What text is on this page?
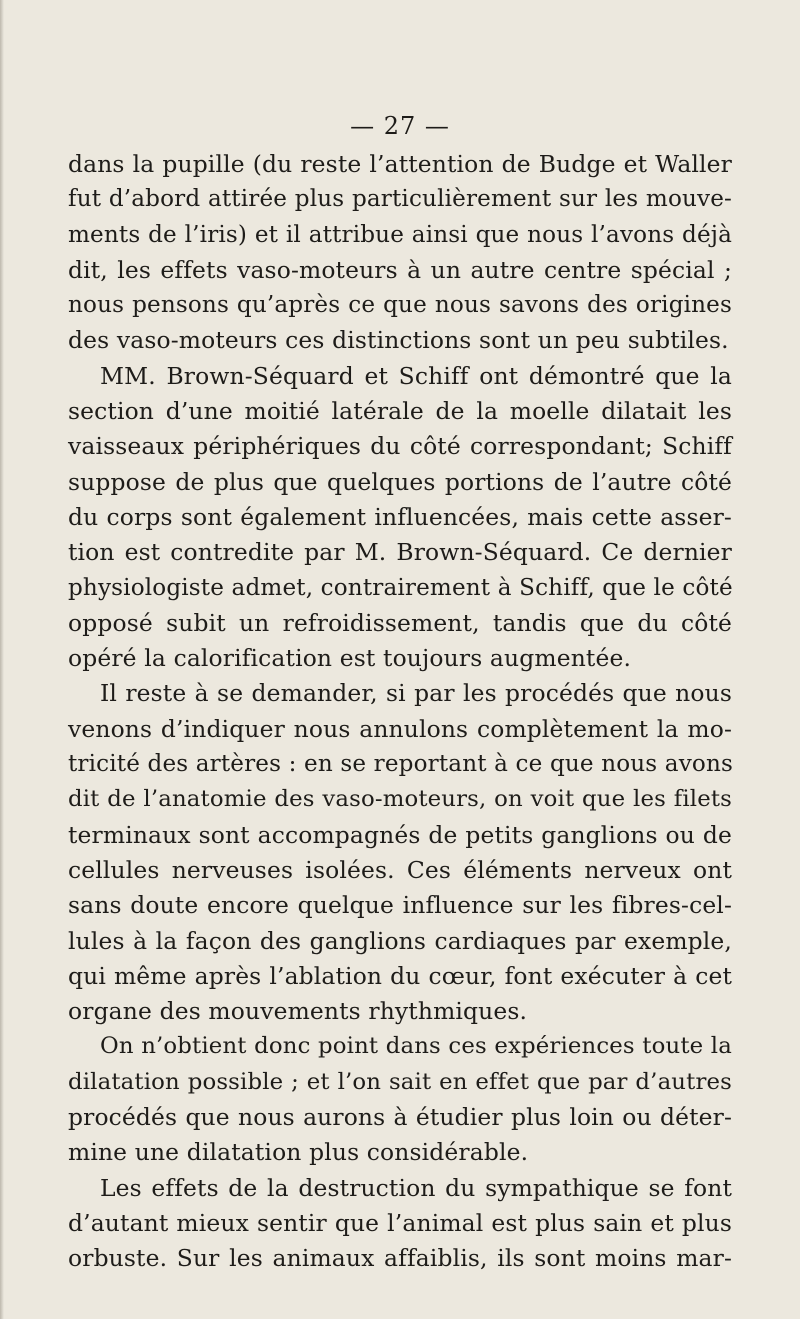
— 27 —
dans la pupille (du reste l’attention de Budge et Waller
fut d’abord attirée plus particulièrement sur les mouve-
ments de l’iris) et il attribue ainsi que nous l’avons déjà
dit, les effets vaso-moteurs à un autre centre spécial ;
nous pensons qu’après ce que nous savons des origines
des vaso-moteurs ces distinctions sont un peu subtiles.
MM. Brown-Séquard et Schiff ont démontré que la
section d’une moitié latérale de la moelle dilatait les
vaisseaux périphériques du côté correspondant; Schiff
suppose de plus que quelques portions de l’autre côté
du corps sont également influencées, mais cette asser-
tion est contredite par M. Brown-Séquard. Ce dernier
physiologiste admet, contrairement à Schiff, que le côté
opposé subit un refroidissement, tandis que du côté
opéré la calorification est toujours augmentée.
Il reste à se demander, si par les procédés que nous
venons d’indiquer nous annulons complètement la mo-
tricité des artères : en se reportant à ce que nous avons
dit de l’anatomie des vaso-moteurs, on voit que les filets
terminaux sont accompagnés de petits ganglions ou de
cellules nerveuses isolées. Ces éléments nerveux ont
sans doute encore quelque influence sur les fibres-cel-
lules à la façon des ganglions cardiaques par exemple,
qui même après l’ablation du cœur, font exécuter à cet
organe des mouvements rhythmiques.
On n’obtient donc point dans ces expériences toute la
dilatation possible ; et l’on sait en effet que par d’autres
procédés que nous aurons à étudier plus loin ou déter-
mine une dilatation plus considérable.
Les effets de la destruction du sympathique se font
d’autant mieux sentir que l’animal est plus sain et plus
orbuste. Sur les animaux affaiblis, ils sont moins mar-
